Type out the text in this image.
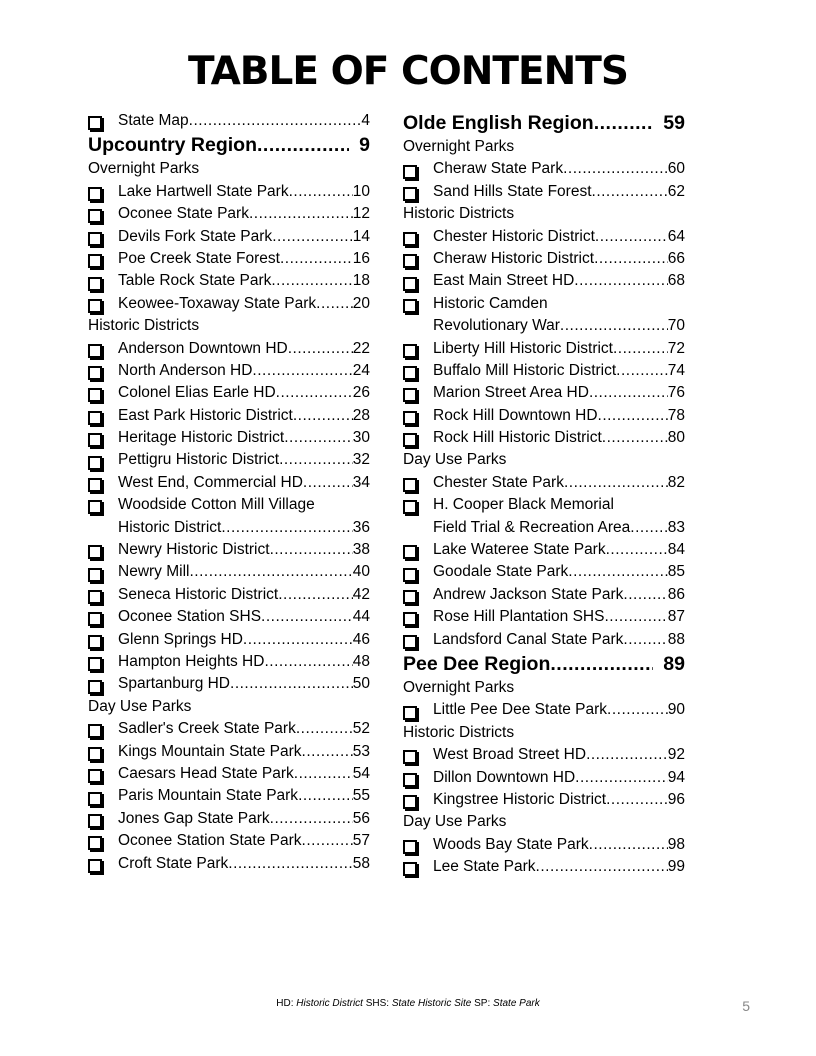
TABLE OF CONTENTS
State Map .....	4
Upcountry Region .....	9
Overnight Parks
Lake Hartwell State Park .....	10
Oconee State Park .....	12
Devils Fork State Park .....	14
Poe Creek State Forest .....	16
Table Rock State Park .....	18
Keowee-Toxaway State Park ..... 20
Historic Districts
Anderson Downtown HD .....	22
North Anderson HD .....	24
Colonel Elias Earle HD .....	26
East Park Historic District .....	28
Heritage Historic District .....	30
Pettigru Historic District .....	32
West End, Commercial HD .....	34
Woodside Cotton Mill Village
Historic District .....	36
Newry Historic District .....	38
Newry Mill .....	40
Seneca Historic District .....	42
Oconee Station SHS .....	44
Glenn Springs HD .....	46
Hampton Heights HD .....	48
Spartanburg HD .....	50
Day Use Parks
Sadler's Creek State Park .....	52
Kings Mountain State Park .....	53
Caesars Head State Park .....	54
Paris Mountain State Park .....	55
Jones Gap State Park .....	56
Oconee Station State Park .....	57
Croft State Park .....	58
Olde English Region .....	59
Overnight Parks
Cheraw State Park .....	60
Sand Hills State Forest .....	62
Historic Districts
Chester Historic District .....	64
Cheraw Historic District .....	66
East Main Street HD .....	68
Historic Camden
Revolutionary War .....	70
Liberty Hill Historic District .....	72
Buffalo Mill Historic District .....	74
Marion Street Area HD .....	76
Rock Hill Downtown HD .....	78
Rock Hill Historic District .....	80
Day Use Parks
Chester State Park .....	82
H. Cooper Black Memorial
Field Trial & Recreation Area ..... 83
Lake Wateree State Park .....	84
Goodale State Park .....	85
Andrew Jackson State Park .....	86
Rose Hill Plantation SHS .....	87
Landsford Canal State Park .....	88
Pee Dee Region .....	89
Overnight Parks
Little Pee Dee State Park .....	90
Historic Districts
West Broad Street HD .....	92
Dillon Downtown HD .....	94
Kingstree Historic District .....	96
Day Use Parks
Woods Bay State Park .....	98
Lee State Park .....	99
HD: Historic District SHS: State Historic Site SP: State Park	5
